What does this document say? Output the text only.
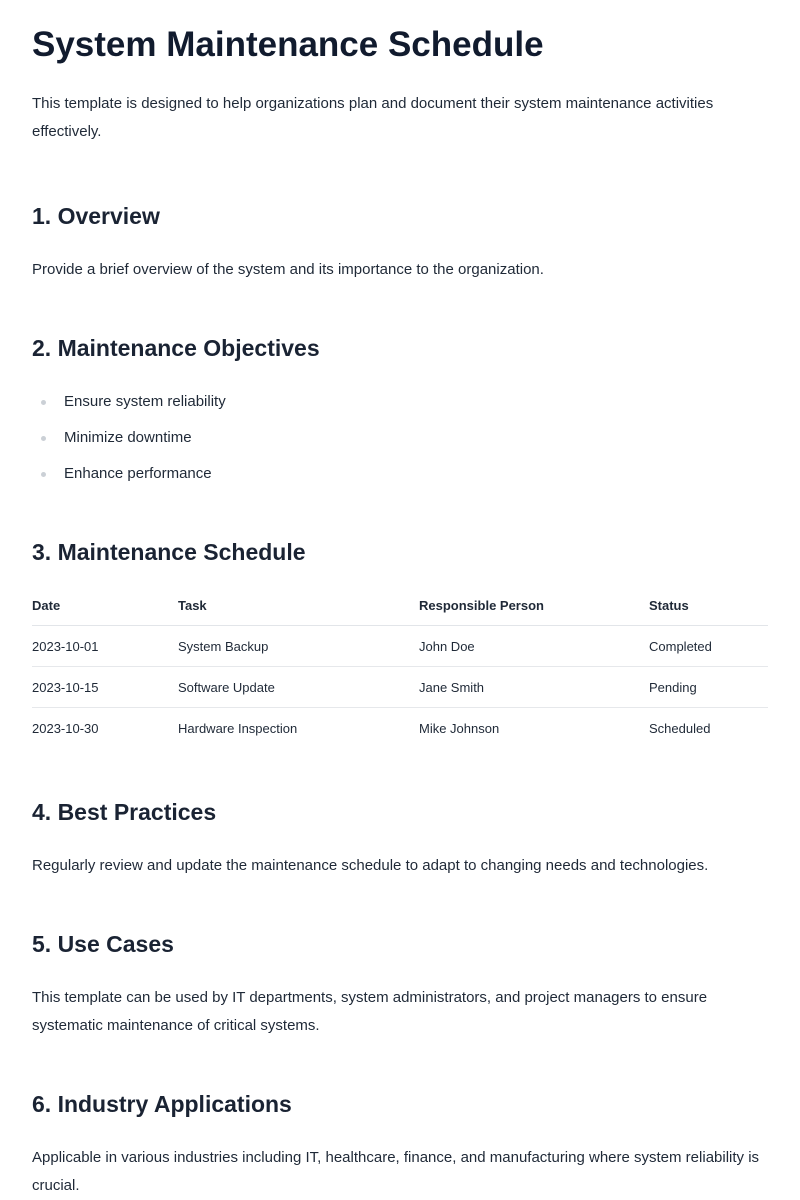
System Maintenance Schedule

This template is designed to help organizations plan and document their system maintenance activities effectively.

1. Overview

Provide a brief overview of the system and its importance to the organization.

2. Maintenance Objectives
Ensure system reliability
Minimize downtime
Enhance performance
3. Maintenance Schedule
Date	Task	Responsible Person	Status
2023-10-01	System Backup	John Doe	Completed
2023-10-15	Software Update	Jane Smith	Pending
2023-10-30	Hardware Inspection	Mike Johnson	Scheduled
4. Best Practices

Regularly review and update the maintenance schedule to adapt to changing needs and technologies.

5. Use Cases

This template can be used by IT departments, system administrators, and project managers to ensure systematic maintenance of critical systems.

6. Industry Applications

Applicable in various industries including IT, healthcare, finance, and manufacturing where system reliability is crucial.
